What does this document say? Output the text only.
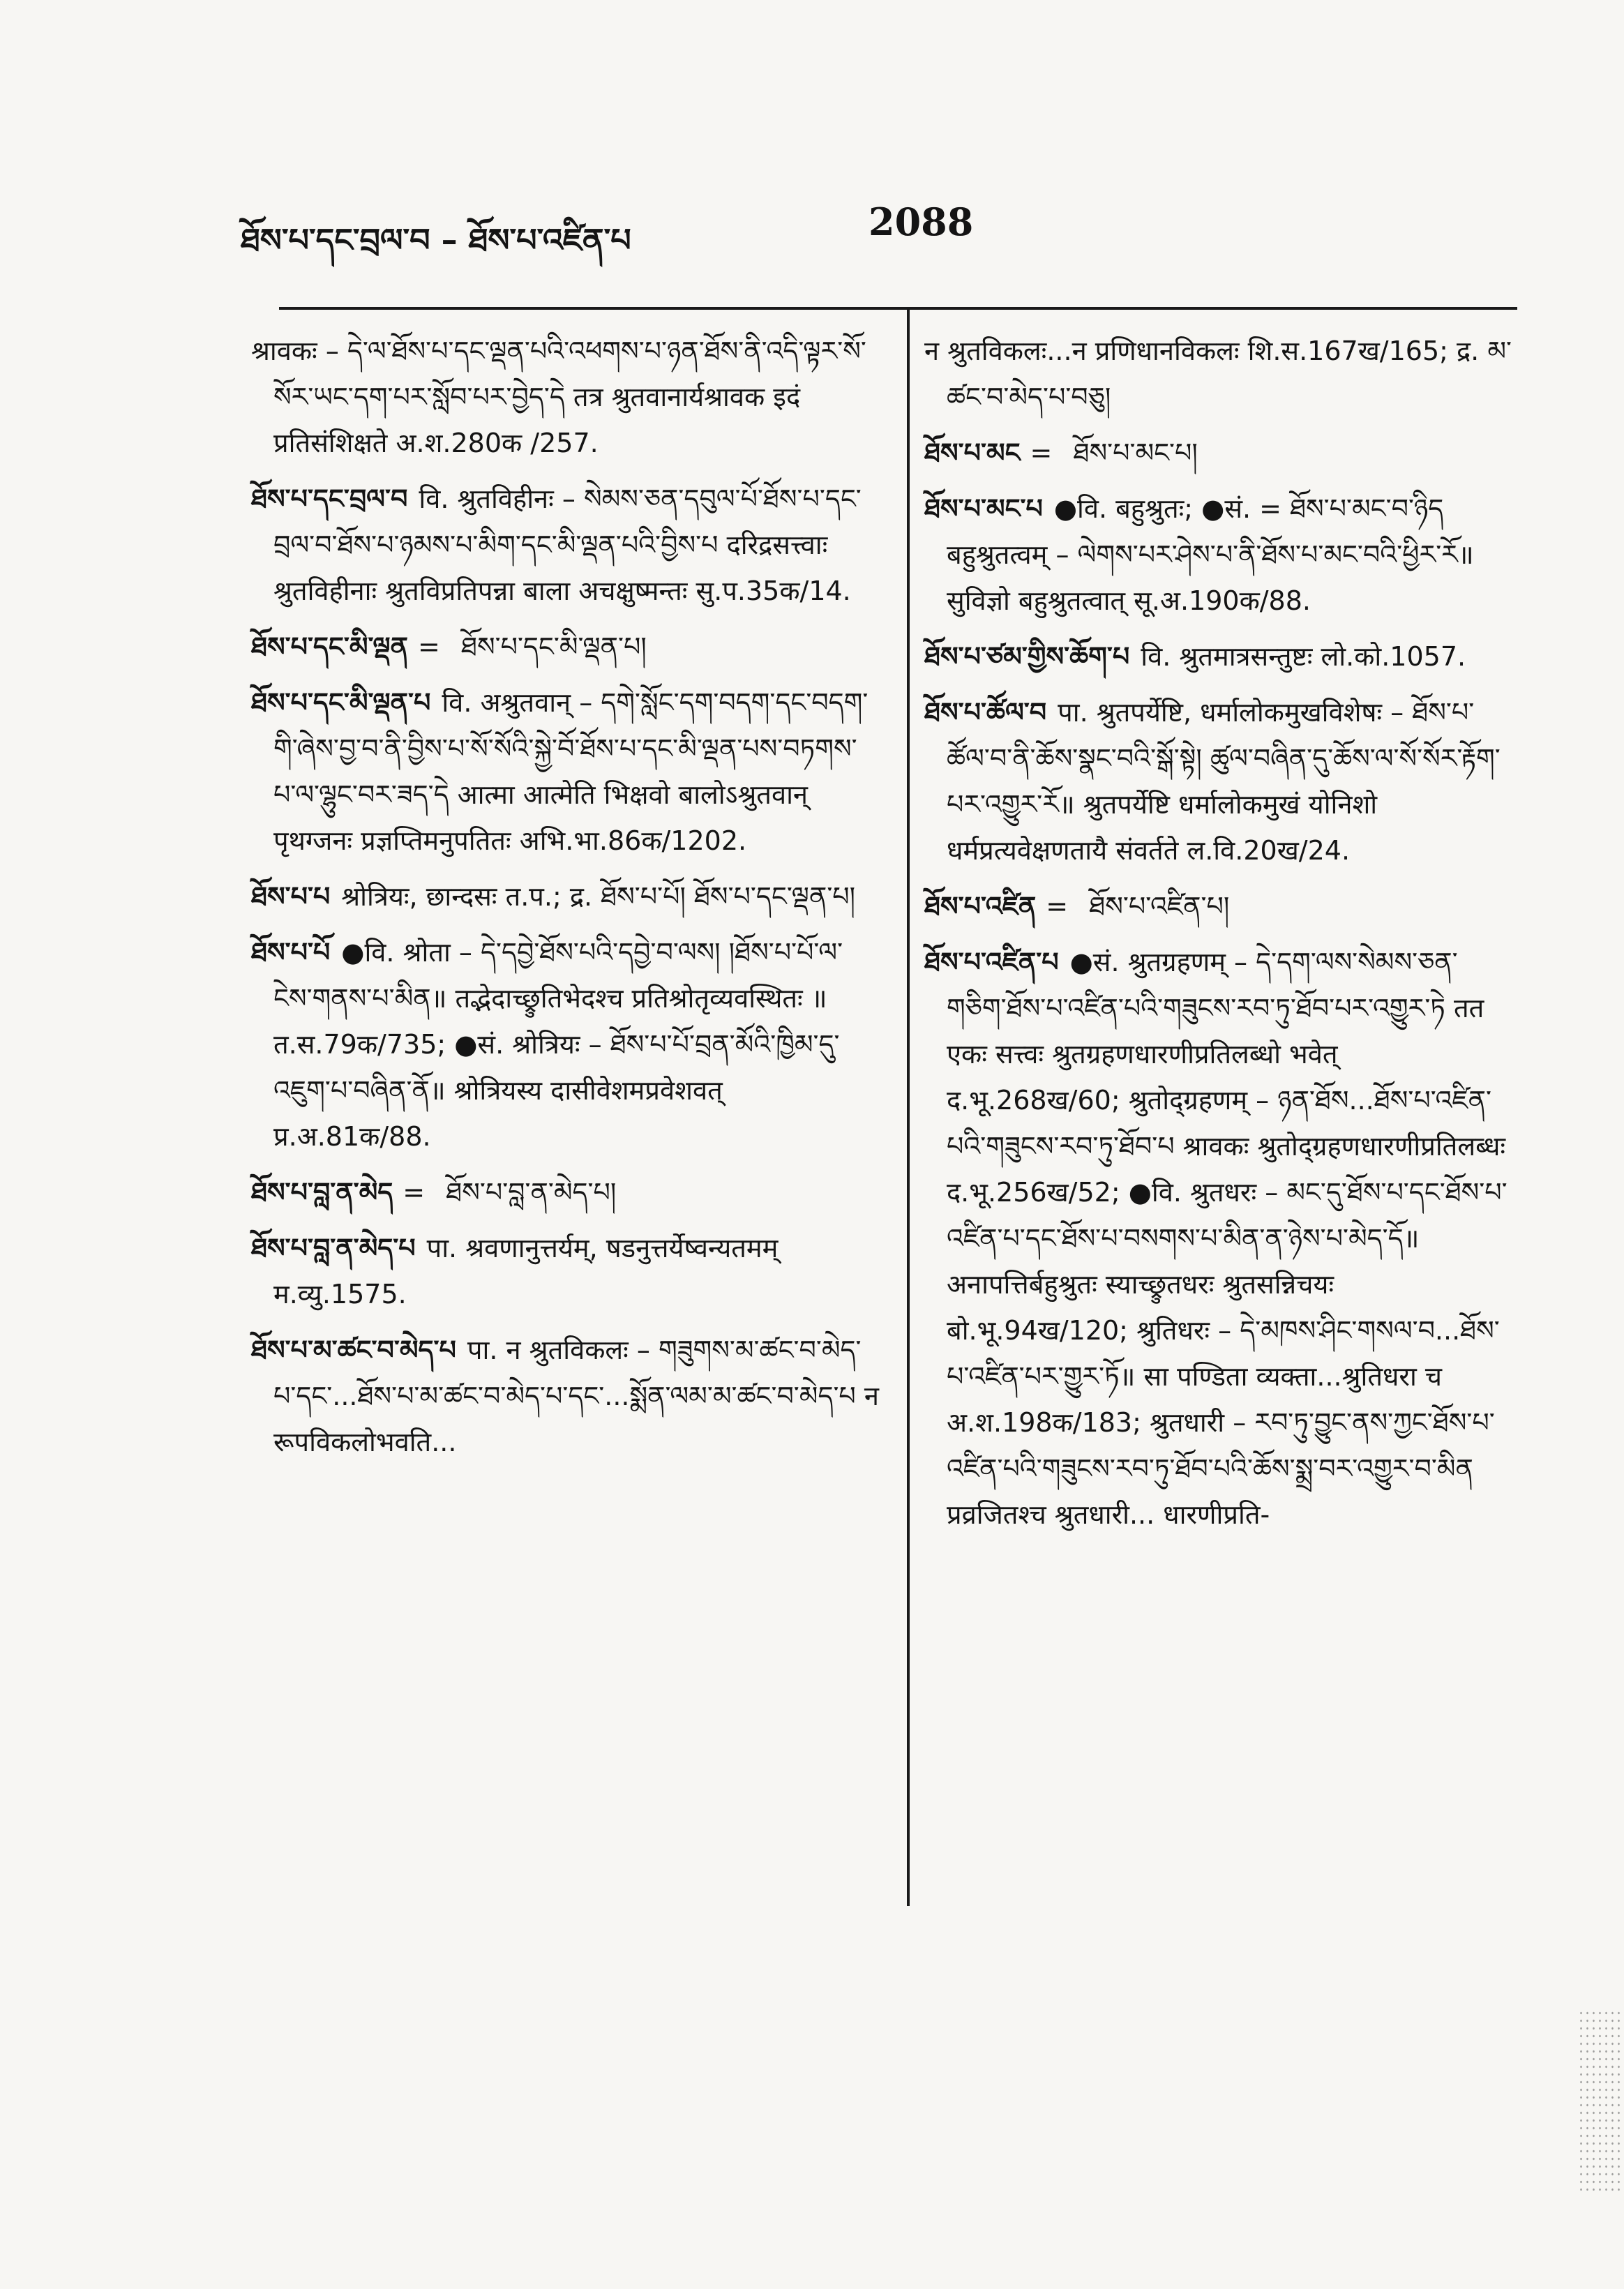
ཐོས་པ་དང་བྲལ་བ – ཐོས་པ་འཛིན་པ	2088
श्रावकः – དེ་ལ་ཐོས་པ་དང་ལྡན་པའི་འཕགས་པ་ཉན་ཐོས་ནི་འདི་ལྟར་སོ་སོར་ཡང་དག་པར་སློབ་པར་བྱེད་དེ तत्र श्रुतवानार्यश्रावक इदं प्रतिसंशिक्षते अ.श.280क /257.
ཐོས་པ་དང་བྲལ་བ वि. श्रुतविहीनः – སེམས་ཅན་དབུལ་པོ་ཐོས་པ་དང་བྲལ་བ་ཐོས་པ་ཉམས་པ་མིག་དང་མི་ལྡན་པའི་བྱིས་པ दरिद्रसत्त्वाः श्रुतविहीनाः श्रुतविप्रतिपन्ना बाला अचक्षुष्मन्तः सु.प.35क/14.
ཐོས་པ་དང་མི་ལྡན = ཐོས་པ་དང་མི་ལྡན་པ།
ཐོས་པ་དང་མི་ལྡན་པ वि. अश्रुतवान् – དགེ་སློང་དག་བདག་དང་བདག་གི་ཞེས་བྱ་བ་ནི་བྱིས་པ་སོ་སོའི་སྐྱེ་བོ་ཐོས་པ་དང་མི་ལྡན་པས་བཏགས་པ་ལ་ལྷུང་བར་ཟད་དེ आत्मा आत्मेति भिक्षवो बालोऽश्रुतवान् पृथग्जनः प्रज्ञप्तिमनुपतितः अभि.भा.86क/1202.
ཐོས་པ་པ श्रोत्रियः, छान्दसः त.प.; द्र. ཐོས་པ་པོ། ཐོས་པ་དང་ལྡན་པ།
ཐོས་པ་པོ ●वि. श्रोता – དེ་དབྱེ་ཐོས་པའི་དབྱེ་བ་ལས། །ཐོས་པ་པོ་ལ་ངེས་གནས་པ་མིན॥ तद्भेदाच्छ्रुतिभेदश्च प्रतिश्रोतृव्यवस्थितः ॥ त.स.79क/735; ●सं. श्रोत्रियः – ཐོས་པ་པོ་བྲན་མོའི་ཁྱིམ་དུ་འཇུག་པ་བཞིན་ནོ॥ श्रोत्रियस्य दासीवेशमप्रवेशवत् प्र.अ.81क/88.
ཐོས་པ་བླ་ན་མེད = ཐོས་པ་བླ་ན་མེད་པ།
ཐོས་པ་བླ་ན་མེད་པ पा. श्रवणानुत्तर्यम्, षडनुत्तर्येष्वन्यतमम् म.व्यु.1575.
ཐོས་པ་མ་ཚང་བ་མེད་པ पा. न श्रुतविकलः – གཟུགས་མ་ཚང་བ་མེད་པ་དང་...ཐོས་པ་མ་ཚང་བ་མེད་པ་དང་...སྨོན་ལམ་མ་ཚང་བ་མེད་པ न रूपविकलोभवति...
न श्रुतविकलः...न प्रणिधानविकलः शि.स.167ख/165; द्र. མ་ཚང་བ་མེད་པ་བཅུ།
ཐོས་པ་མང = ཐོས་པ་མང་པ།
ཐོས་པ་མང་པ ●वि. बहुश्रुतः; ●सं. = ཐོས་པ་མང་བ་ཉིད बहुश्रुतत्वम् – ལེགས་པར་ཤེས་པ་ནི་ཐོས་པ་མང་བའི་ཕྱིར་རོ॥ सुविज्ञो बहुश्रुतत्वात् सू.अ.190क/88.
ཐོས་པ་ཙམ་གྱིས་ཆོག་པ वि. श्रुतमात्रसन्तुष्टः लो.को.1057.
ཐོས་པ་ཚོལ་བ पा. श्रुतपर्येष्टि, धर्मालोकमुखविशेषः – ཐོས་པ་ཚོལ་བ་ནི་ཆོས་སྣང་བའི་སྒོ་སྟེ། ཚུལ་བཞིན་དུ་ཆོས་ལ་སོ་སོར་རྟོག་པར་འགྱུར་རོ॥ श्रुतपर्येष्टि धर्मालोकमुखं योनिशो धर्मप्रत्यवेक्षणतायै संवर्तते ल.वि.20ख/24.
ཐོས་པ་འཛིན = ཐོས་པ་འཛིན་པ།
ཐོས་པ་འཛིན་པ ●सं. श्रुतग्रहणम् – དེ་དག་ལས་སེམས་ཅན་གཅིག་ཐོས་པ་འཛིན་པའི་གཟུངས་རབ་ཏུ་ཐོབ་པར་འགྱུར་ཏེ तत एकः सत्त्वः श्रुतग्रहणधारणीप्रतिलब्धो भवेत् द.भू.268ख/60; श्रुतोद्ग्रहणम् – ཉན་ཐོས...ཐོས་པ་འཛིན་པའི་གཟུངས་རབ་ཏུ་ཐོབ་པ श्रावकः श्रुतोद्ग्रहणधारणीप्रतिलब्धः द.भू.256ख/52; ●वि. श्रुतधरः – མང་དུ་ཐོས་པ་དང་ཐོས་པ་འཛིན་པ་དང་ཐོས་པ་བསགས་པ་མིན་ན་ཉེས་པ་མེད་དོ॥ अनापत्तिर्बहुश्रुतः स्याच्छ्रुतधरः श्रुतसन्निचयः बो.भू.94ख/120; श्रुतिधरः – དེ་མཁས་ཤིང་གསལ་བ...ཐོས་པ་འཛིན་པར་གྱུར་ཏོ॥ सा पण्डिता व्यक्ता...श्रुतिधरा च अ.श.198क/183; श्रुतधारी – རབ་ཏུ་བྱུང་ནས་ཀྱང་ཐོས་པ་འཛིན་པའི་གཟུངས་རབ་ཏུ་ཐོབ་པའི་ཆོས་སྨྲ་བར་འགྱུར་བ་མིན प्रव्रजितश्च श्रुतधारी... धारणीप्रति-
